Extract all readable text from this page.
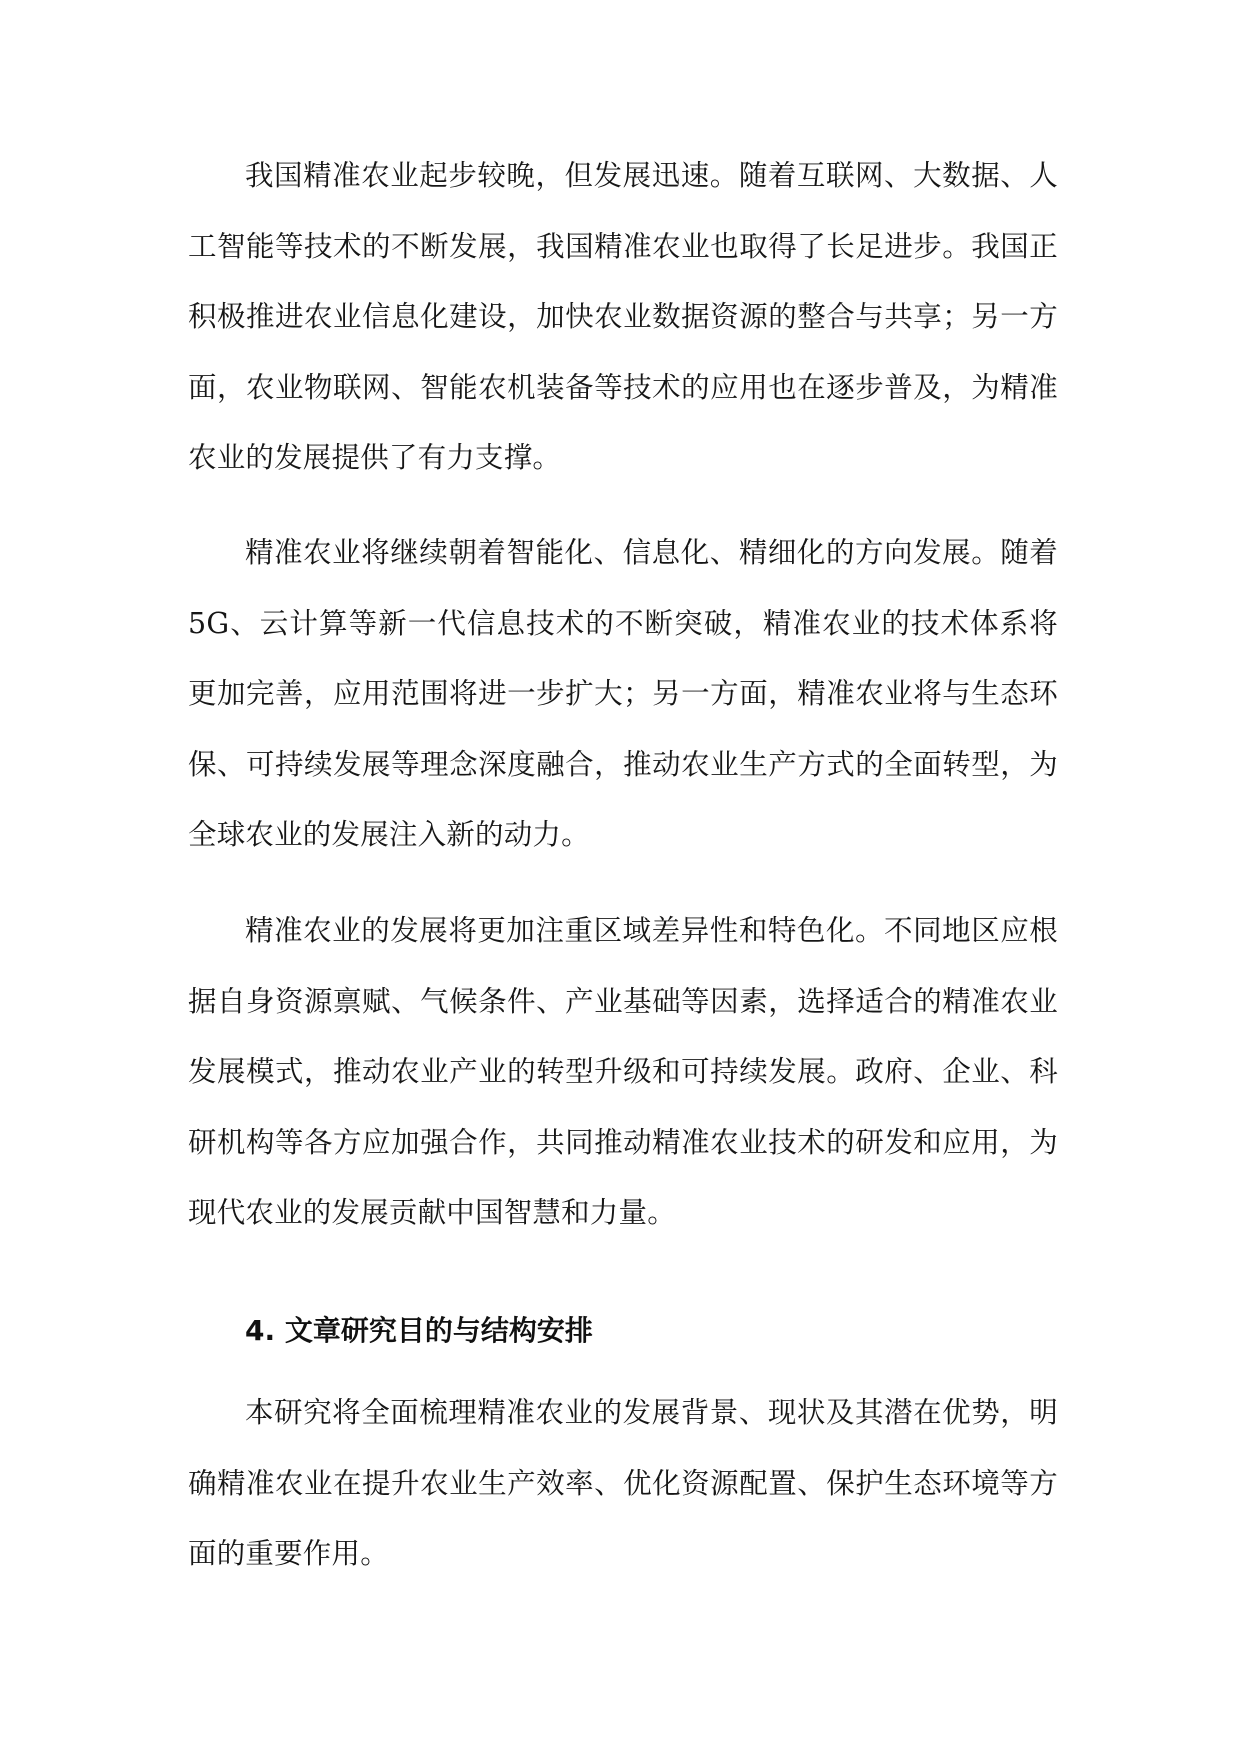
我国精准农业起步较晚，但发展迅速。随着互联网、大数据、人工智能等技术的不断发展，我国精准农业也取得了长足进步。我国正积极推进农业信息化建设，加快农业数据资源的整合与共享；另一方面，农业物联网、智能农机装备等技术的应用也在逐步普及，为精准农业的发展提供了有力支撑。

精准农业将继续朝着智能化、信息化、精细化的方向发展。随着5G、云计算等新一代信息技术的不断突破，精准农业的技术体系将更加完善，应用范围将进一步扩大；另一方面，精准农业将与生态环保、可持续发展等理念深度融合，推动农业生产方式的全面转型，为全球农业的发展注入新的动力。

精准农业的发展将更加注重区域差异性和特色化。不同地区应根据自身资源禀赋、气候条件、产业基础等因素，选择适合的精准农业发展模式，推动农业产业的转型升级和可持续发展。政府、企业、科研机构等各方应加强合作，共同推动精准农业技术的研发和应用，为现代农业的发展贡献中国智慧和力量。

4. 文章研究目的与结构安排

本研究将全面梳理精准农业的发展背景、现状及其潜在优势，明确精准农业在提升农业生产效率、优化资源配置、保护生态环境等方面的重要作用。
